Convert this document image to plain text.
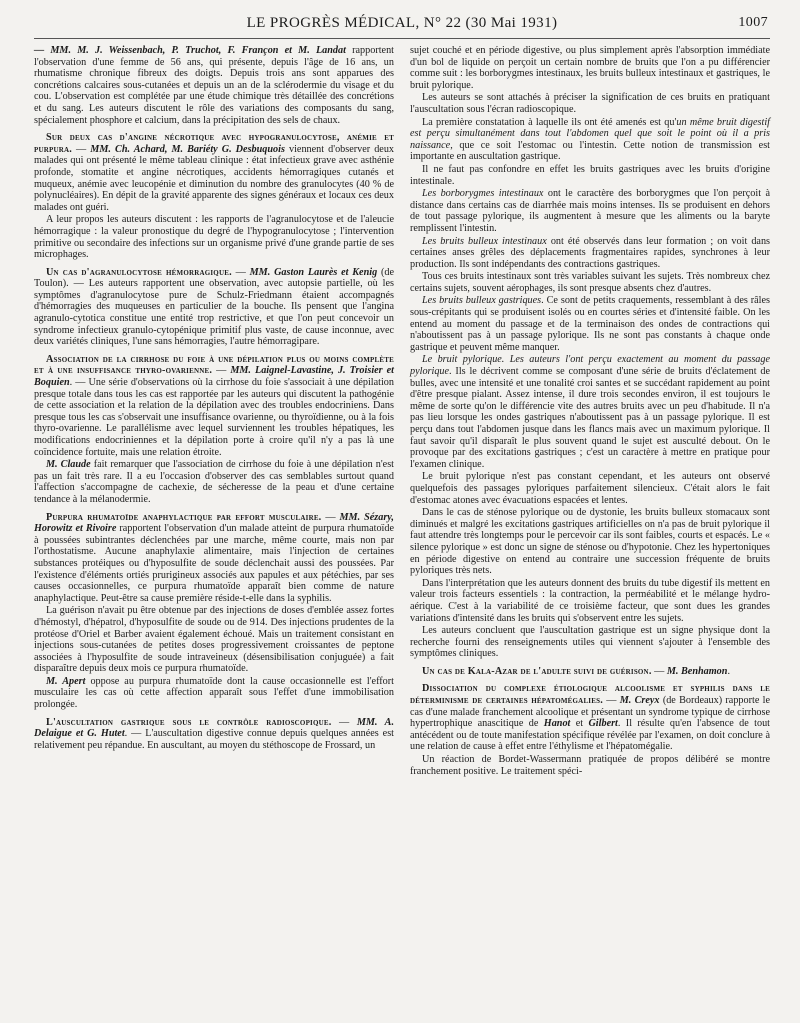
LE PROGRÈS MÉDICAL, N° 22 (30 Mai 1931)	1007

— MM. M. J. Weissenbach, P. Truchot, F. Françon et M. Landat rapportent l'observation d'une femme de 56 ans, qui présente, depuis l'âge de 16 ans, un rhumatisme chronique fibreux des doigts. Depuis trois ans sont apparues des concrétions calcaires sous-cutanées et depuis un an de la sclérodermie du visage et du cou. L'observation est complétée par une étude chimique très détaillée des concrétions et du sang. Les auteurs discutent le rôle des variations des composants du sang, spécialement phosphore et calcium, dans la précipitation des sels de chaux.

Sur deux cas d'angine nécrotique avec hypogranulocytose, anémie et purpura. — MM. Ch. Achard, M. Bariéty G. Desbuquois viennent d'observer deux malades qui ont présenté le même tableau clinique : état infectieux grave avec asthénie profonde, stomatite et angine nécrotiques, accidents hémorragiques cutanés et muqueux, anémie avec leucopénie et diminution du nombre des granulocytes (40 % de polynucléaires). En dépit de la gravité apparente des signes généraux et locaux ces deux malades ont guéri.

A leur propos les auteurs discutent : les rapports de l'agranulocytose et de l'aleucie hémorragique : la valeur pronostique du degré de l'hypogranulocytose ; l'intervention primitive ou secondaire des infections sur un organisme privé d'une grande partie de ses microphages.

Un cas d'agranulocytose hémorragique. — MM. Gaston Laurès et Kenig (de Toulon). — Les auteurs rapportent une observation, avec autopsie partielle, où les symptômes d'agranulocytose pure de Schulz-Friedmann étaient accompagnés d'hémorragies des muqueuses en particulier de la bouche. Ils pensent que l'angina agranulo-cytotica constitue une entité trop restrictive, et que l'on peut concevoir un syndrome infectieux granulo-cytopénique primitif plus vaste, de cause inconnue, avec deux variétés cliniques, l'une sans hémorragies, l'autre hémorragipare.

Association de la cirrhose du foie à une dépilation plus ou moins complète et à une insuffisance thyro-ovarienne. — MM. Laignel-Lavastine, J. Troisier et Boquien. — Une série d'observations où la cirrhose du foie s'associait à une dépilation presque totale dans tous les cas est rapportée par les auteurs qui discutent la pathogénie de cette association et la relation de la dépilation avec des troubles endocriniens. Dans presque tous les cas s'observait une insuffisance ovarienne, ou thyroïdienne, ou à la fois thyro-ovarienne. Le parallélisme avec lequel surviennent les troubles hépatiques, les modifications endocriniennes et la dépilation porte à croire qu'il n'y a pas là une coïncidence fortuite, mais une relation étroite.

M. Claude fait remarquer que l'association de cirrhose du foie à une dépilation n'est pas un fait très rare. Il a eu l'occasion d'observer des cas semblables surtout quand l'affection s'accompagne de cachexie, de sécheresse de la peau et d'une certaine tendance à la mélanodermie.

Purpura rhumatoïde anaphylactique par effort musculaire. — MM. Sézary, Horowitz et Rivoire rapportent l'observation d'un malade atteint de purpura rhumatoïde à poussées subintrantes déclenchées par une marche, même courte, mais non par l'orthostatisme. Aucune anaphylaxie alimentaire, mais l'injection de certaines substances protéiques ou d'hyposulfite de soude déclenchait aussi des poussées. Par l'existence d'éléments ortiés prurigineux associés aux papules et aux pétéchies, par ses causes occasionnelles, ce purpura rhumatoïde apparaît bien comme de nature anaphylactique. Peut-être sa cause première réside-t-elle dans la syphilis.

La guérison n'avait pu être obtenue par des injections de doses d'emblée assez fortes d'hémostyl, d'hépatrol, d'hyposulfite de soude ou de 914. Des injections prudentes de la protéose d'Oriel et Barber avaient également échoué. Mais un traitement consistant en injections sous-cutanées de petites doses progressivement croissantes de peptone associées à l'hyposulfite de soude intraveineux (désensibilisation conjuguée) a fait disparaître depuis deux mois ce purpura rhumatoïde.

M. Apert oppose au purpura rhumatoïde dont la cause occasionnelle est l'effort musculaire les cas où cette affection apparaît sous l'effet d'une immobilisation prolongée.

L'auscultation gastrique sous le contrôle radioscopique. — MM. A. Delaigue et G. Hutet. — L'auscultation digestive connue depuis quelques années est relativement peu répandue. En auscultant, au moyen du stéthoscope de Frossard, un

sujet couché et en période digestive, ou plus simplement après l'absorption immédiate d'un bol de liquide on perçoit un certain nombre de bruits que l'on a pu différencier comme suit : les borborygmes intestinaux, les bruits bulleux intestinaux et gastriques, le bruit pylorique.

Les auteurs se sont attachés à préciser la signification de ces bruits en pratiquant l'auscultation sous l'écran radioscopique.

La première constatation à laquelle ils ont été amenés est qu'un même bruit digestif est perçu simultanément dans tout l'abdomen quel que soit le point où il a pris naissance, que ce soit l'estomac ou l'intestin. Cette notion de transmission est importante en auscultation gastrique.

Il ne faut pas confondre en effet les bruits gastriques avec les bruits d'origine intestinale.

Les borborygmes intestinaux ont le caractère des borborygmes que l'on perçoit à distance dans certains cas de diarrhée mais moins intenses. Ils se produisent en dehors de tout passage pylorique, ils augmentent à mesure que les aliments ou la baryte remplissent l'intestin.

Les bruits bulleux intestinaux ont été observés dans leur formation ; on voit dans certaines anses grêles des déplacements fragmentaires rapides, synchrones à leur production. Ils sont indépendants des contractions gastriques.

Tous ces bruits intestinaux sont très variables suivant les sujets. Très nombreux chez certains sujets, souvent aérophages, ils sont presque absents chez d'autres.

Les bruits bulleux gastriques. Ce sont de petits craquements, ressemblant à des râles sous-crépitants qui se produisent isolés ou en courtes séries et d'intensité faible. On les entend au moment du passage et de la terminaison des ondes de contractions qui n'aboutissent pas à un passage pylorique. Ils ne sont pas constants à chaque onde gastrique et peuvent même manquer.

Le bruit pylorique. Les auteurs l'ont perçu exactement au moment du passage pylorique. Ils le décrivent comme se composant d'une série de bruits d'éclatement de bulles, avec une intensité et une tonalité croi santes et se succédant rapidement au point d'être presque pialant. Assez intense, il dure trois secondes environ, il est toujours le même de sorte qu'on le différencie vite des autres bruits avec un peu d'habitude. Il n'a pas lieu lorsque les ondes gastriques n'aboutissent pas à un passage pylorique. Il est perçu dans tout l'abdomen jusque dans les flancs mais avec un maximum pylorique. Il faut savoir qu'il disparaît le plus souvent quand le sujet est ausculté debout. On le provoque par des excitations gastriques ; c'est un caractère à mettre en pratique pour l'examen clinique.

Le bruit pylorique n'est pas constant cependant, et les auteurs ont observé quelquefois des passages pyloriques parfaitement silencieux. C'était alors le fait d'estomac atones avec évacuations espacées et lentes.

Dans le cas de sténose pylorique ou de dystonie, les bruits bulleux stomacaux sont diminués et malgré les excitations gastriques artificielles on n'a pas de bruit pylorique il faut attendre très longtemps pour le percevoir car ils sont faibles, courts et espacés. Le « silence pylorique » est donc un signe de sténose ou d'hypotonie. Chez les hypertoniques en période digestive on entend au contraire une succession fréquente de bruits pyloriques très nets.

Dans l'interprétation que les auteurs donnent des bruits du tube digestif ils mettent en valeur trois facteurs essentiels : la contraction, la perméabilité et le mélange hydro-aérique. C'est à la variabilité de ce troisième facteur, que sont dues les grandes variations d'intensité dans les bruits qui s'observent entre les sujets.

Les auteurs concluent que l'auscultation gastrique est un signe physique dont la recherche fourni des renseignements utiles qui viennent s'ajouter à l'ensemble des symptômes cliniques.

Un cas de Kala-Azar de l'adulte suivi de guérison. — M. Benhamon.

Dissociation du complexe étiologique alcoolisme et syphilis dans le déterminisme de certaines hépatomégalies. — M. Creyx (de Bordeaux) rapporte le cas d'une malade franchement alcoolique et présentant un syndrome typique de cirrhose hypertrophique anascitique de Hanot et Gilbert. Il résulte qu'en l'absence de tout antécédent ou de toute manifestation spécifique révélée par l'examen, on doit conclure à une relation de cause à effet entre l'éthylisme et l'hépatomégalie.

Un réaction de Bordet-Wassermann pratiquée de propos délibéré se montre franchement positive. Le traitement spéci-
